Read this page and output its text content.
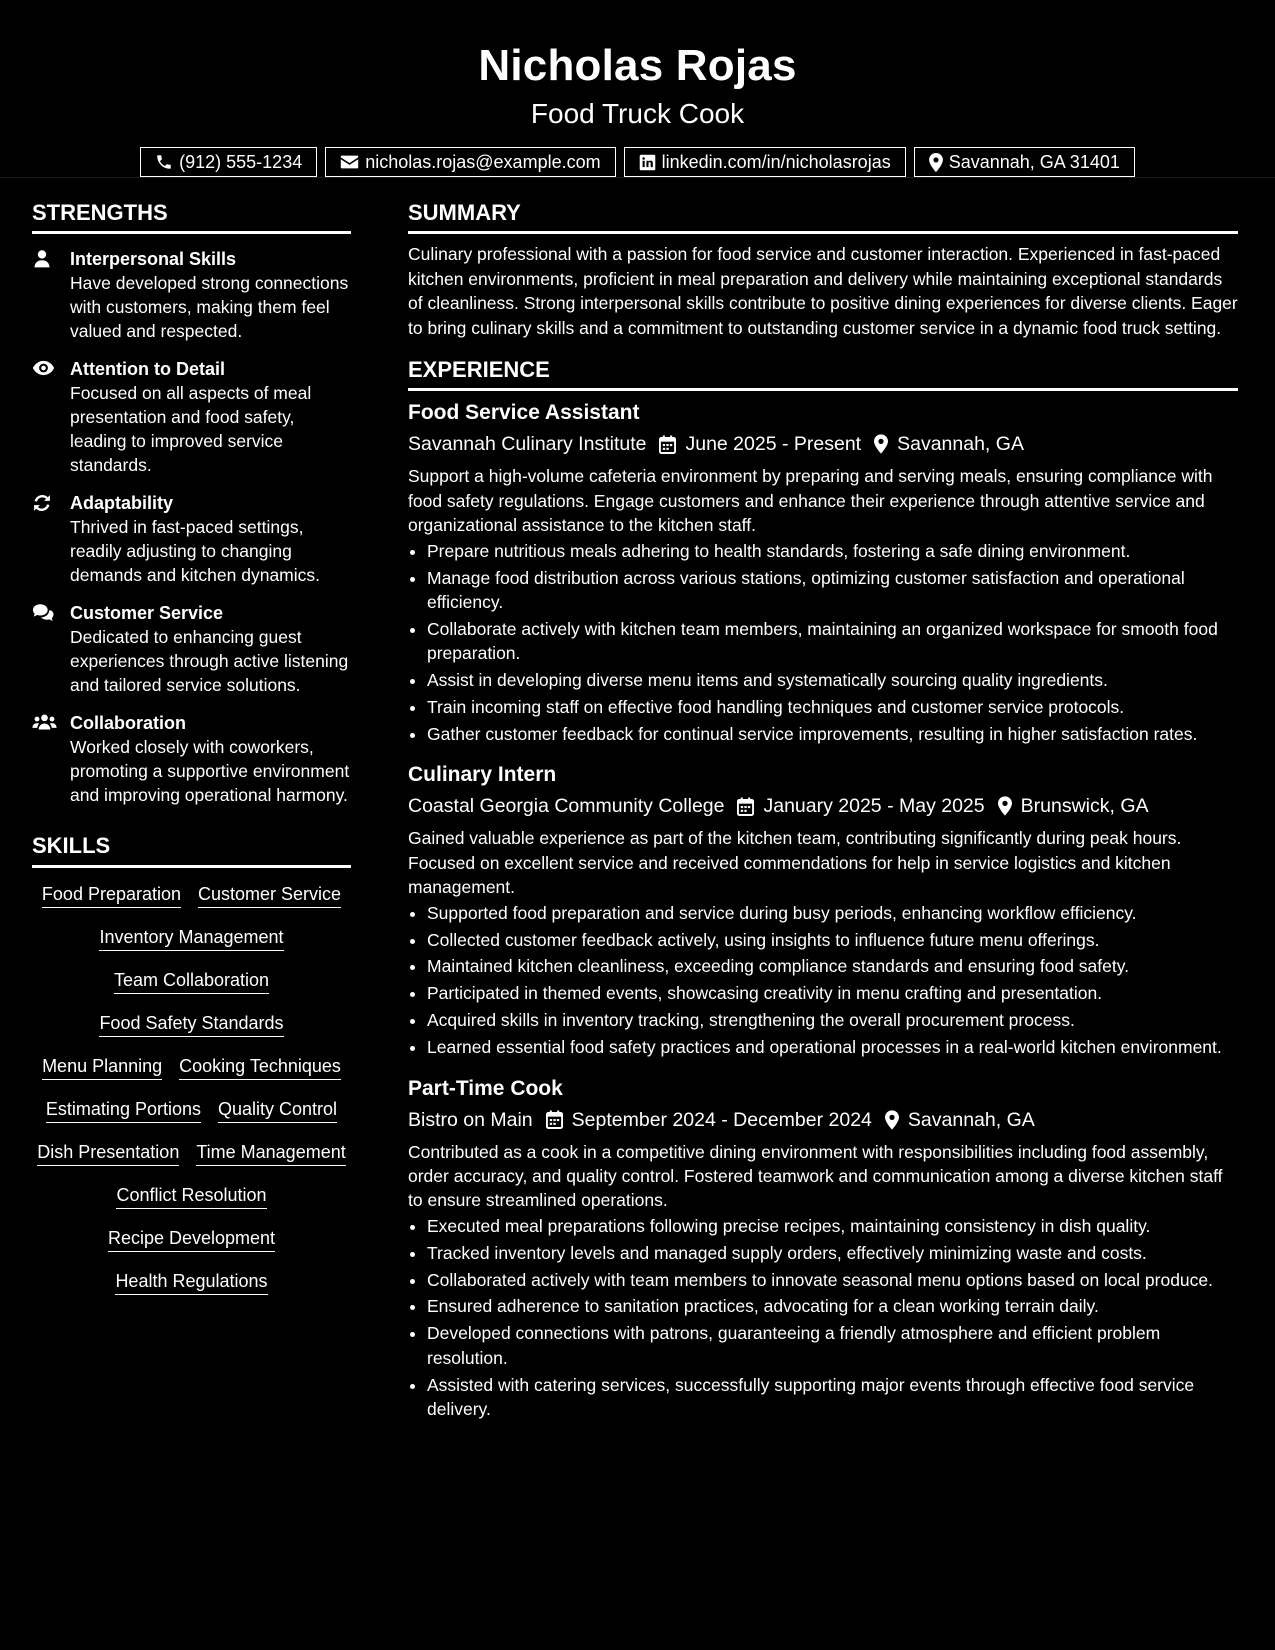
Nicholas Rojas
Food Truck Cook
(912) 555-1234	nicholas.rojas@example.com	linkedin.com/in/nicholasrojas	Savannah, GA 31401
STRENGTHS
Interpersonal Skills
Have developed strong connections with customers, making them feel valued and respected.
Attention to Detail
Focused on all aspects of meal presentation and food safety, leading to improved service standards.
Adaptability
Thrived in fast-paced settings, readily adjusting to changing demands and kitchen dynamics.
Customer Service
Dedicated to enhancing guest experiences through active listening and tailored service solutions.
Collaboration
Worked closely with coworkers, promoting a supportive environment and improving operational harmony.
SKILLS
Food Preparation Customer Service
Inventory Management
Team Collaboration
Food Safety Standards
Menu Planning Cooking Techniques
Estimating Portions Quality Control
Dish Presentation Time Management
Conflict Resolution
Recipe Development
Health Regulations
SUMMARY

Culinary professional with a passion for food service and customer interaction. Experienced in fast-paced kitchen environments, proficient in meal preparation and delivery while maintaining exceptional standards of cleanliness. Strong interpersonal skills contribute to positive dining experiences for diverse clients. Eager to bring culinary skills and a commitment to outstanding customer service in a dynamic food truck setting.

EXPERIENCE
Food Service Assistant
Savannah Culinary Institute June 2025 - Present Savannah, GA
Support a high-volume cafeteria environment by preparing and serving meals, ensuring compliance with food safety regulations. Engage customers and enhance their experience through attentive service and organizational assistance to the kitchen staff.
• Prepare nutritious meals adhering to health standards, fostering a safe dining environment.
• Manage food distribution across various stations, optimizing customer satisfaction and operational efficiency.
• Collaborate actively with kitchen team members, maintaining an organized workspace for smooth food preparation.
• Assist in developing diverse menu items and systematically sourcing quality ingredients.
• Train incoming staff on effective food handling techniques and customer service protocols.
• Gather customer feedback for continual service improvements, resulting in higher satisfaction rates.
Culinary Intern
Coastal Georgia Community College January 2025 - May 2025 Brunswick, GA
Gained valuable experience as part of the kitchen team, contributing significantly during peak hours. Focused on excellent service and received commendations for help in service logistics and kitchen management.
• Supported food preparation and service during busy periods, enhancing workflow efficiency.
• Collected customer feedback actively, using insights to influence future menu offerings.
• Maintained kitchen cleanliness, exceeding compliance standards and ensuring food safety.
• Participated in themed events, showcasing creativity in menu crafting and presentation.
• Acquired skills in inventory tracking, strengthening the overall procurement process.
• Learned essential food safety practices and operational processes in a real-world kitchen environment.
Part-Time Cook
Bistro on Main September 2024 - December 2024 Savannah, GA
Contributed as a cook in a competitive dining environment with responsibilities including food assembly, order accuracy, and quality control. Fostered teamwork and communication among a diverse kitchen staff to ensure streamlined operations.
• Executed meal preparations following precise recipes, maintaining consistency in dish quality.
• Tracked inventory levels and managed supply orders, effectively minimizing waste and costs.
• Collaborated actively with team members to innovate seasonal menu options based on local produce.
• Ensured adherence to sanitation practices, advocating for a clean working terrain daily.
• Developed connections with patrons, guaranteeing a friendly atmosphere and efficient problem resolution.
• Assisted with catering services, successfully supporting major events through effective food service delivery.
